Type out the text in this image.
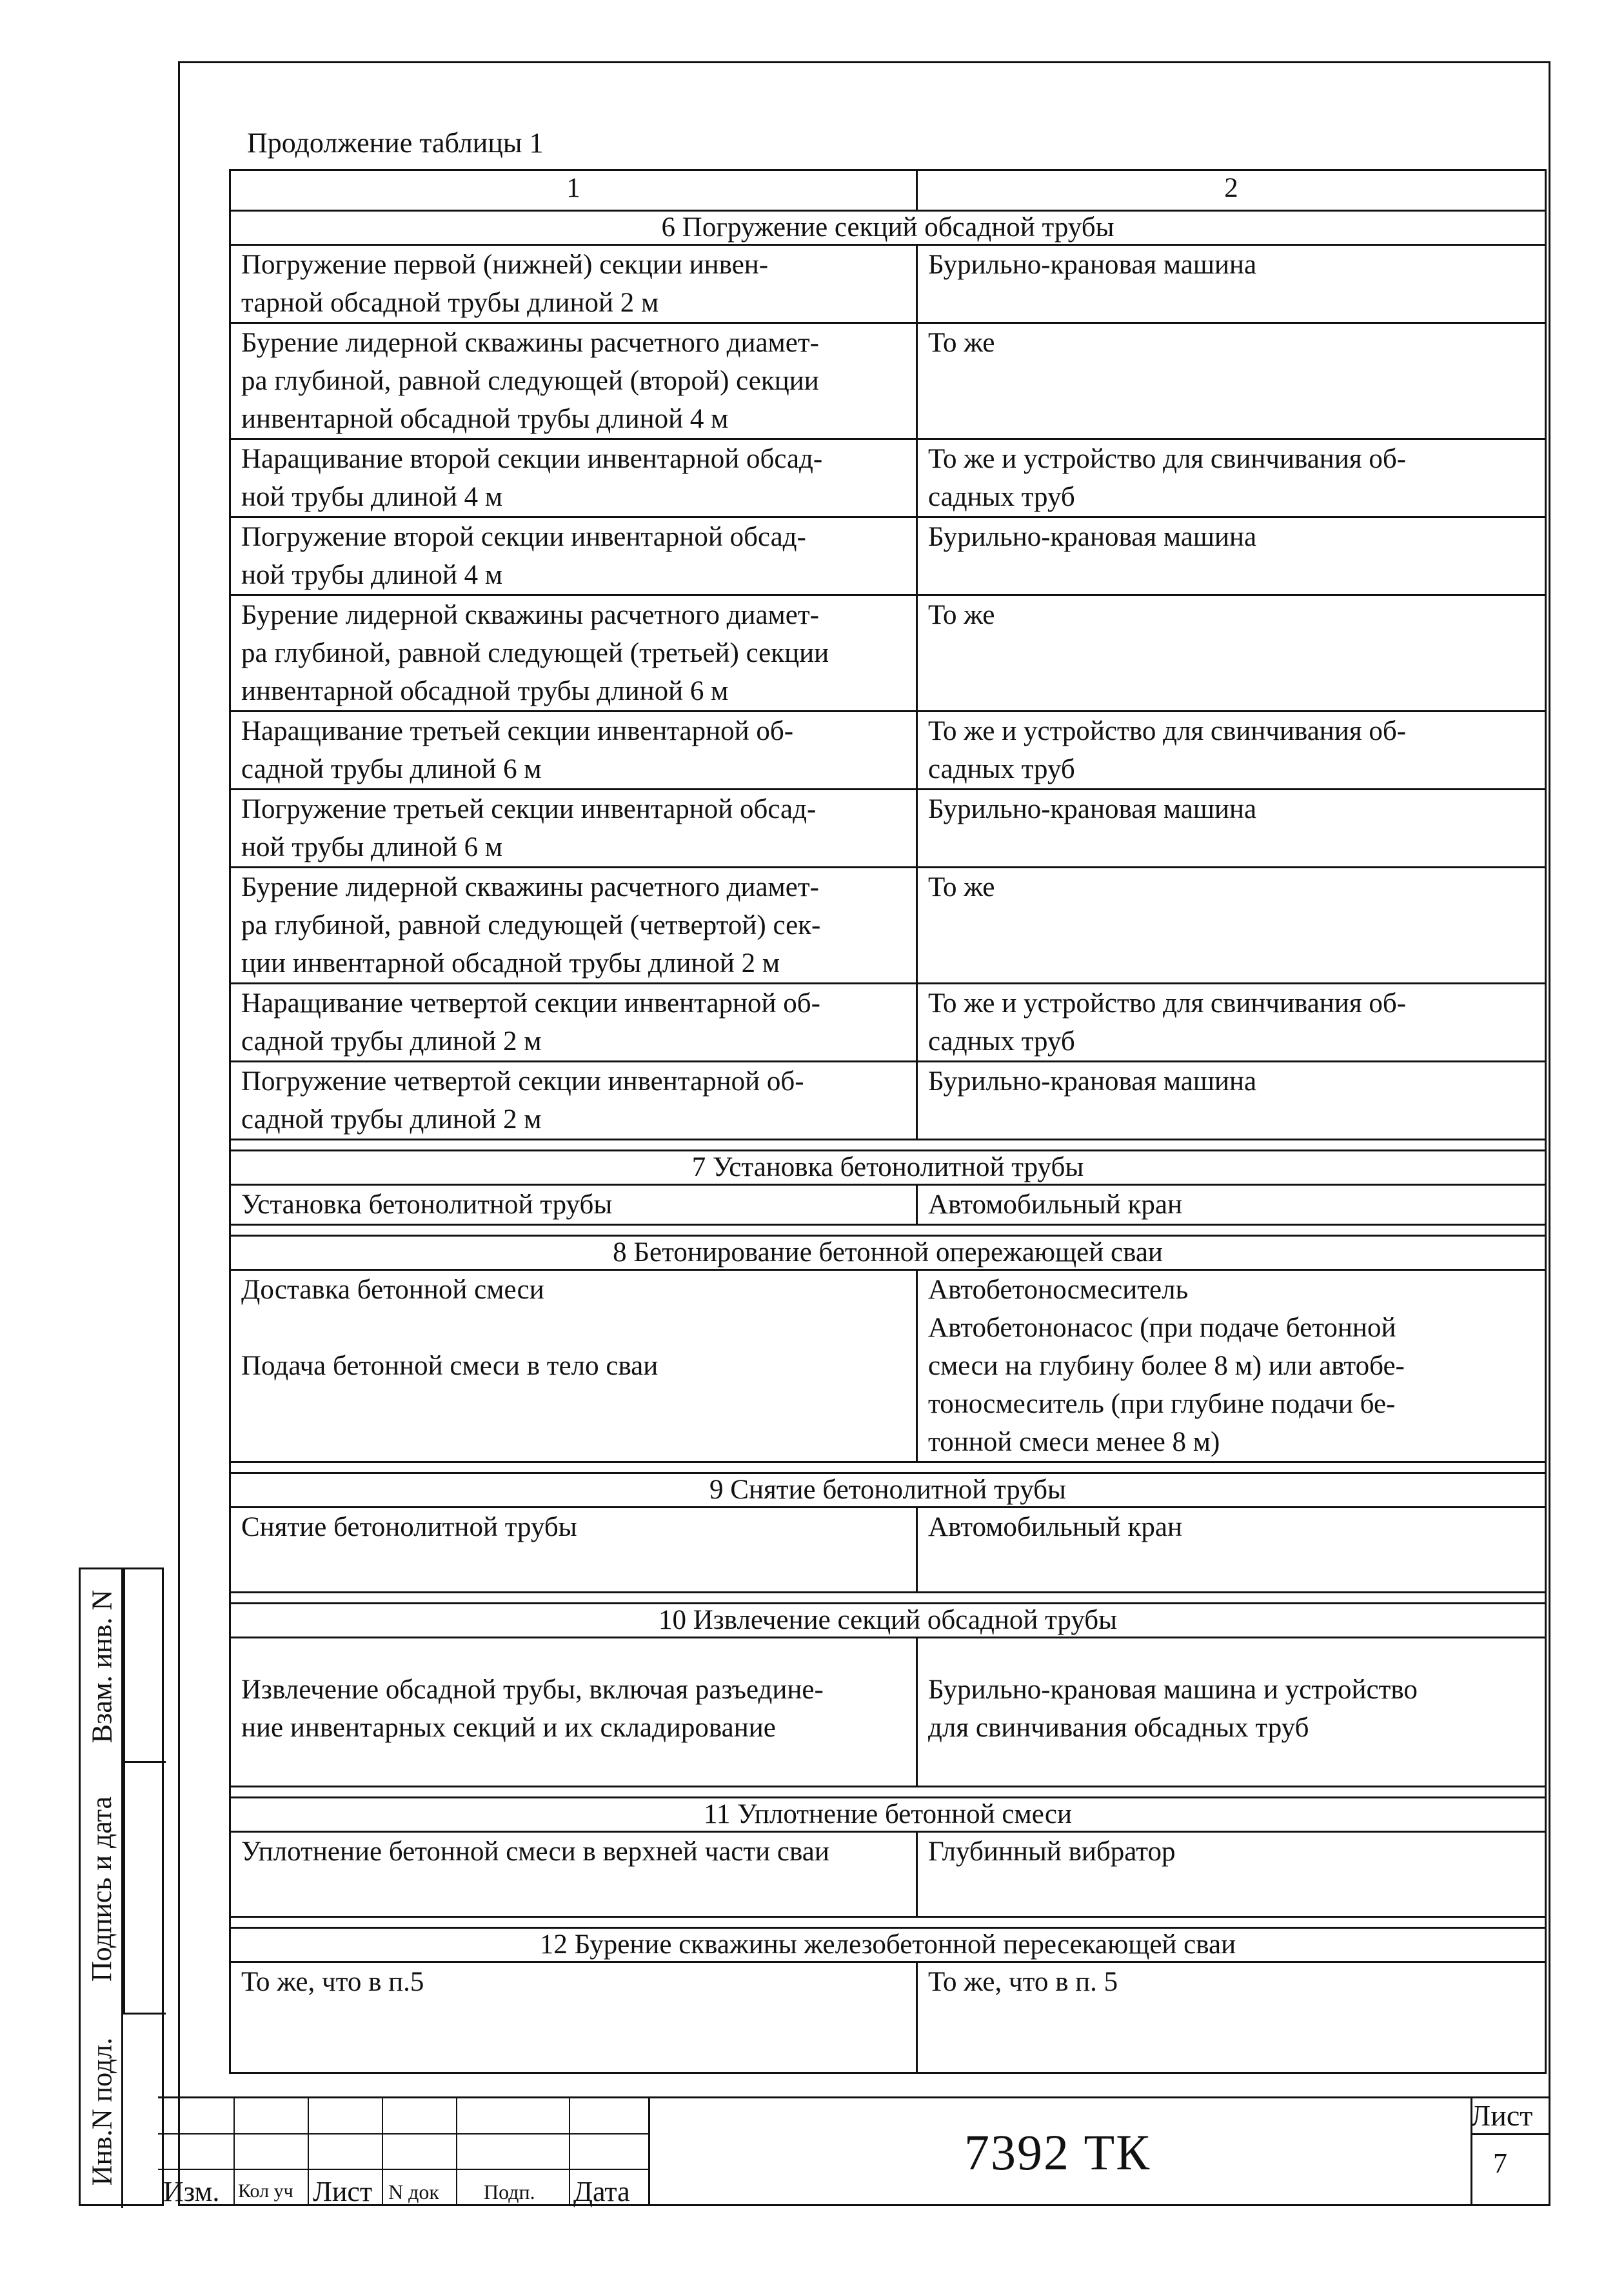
Продолжение таблицы 1
1	2
6 Погружение секций обсадной трубы	

Погружение первой (нижней) секции инвен-
тарной обсадной трубы длиной 2 м	Бурильно-крановая машина

Бурение лидерной скважины расчетного диамет-
ра глубиной, равной следующей (второй) секции
инвентарной обсадной трубы длиной 4 м	То же

Наращивание второй секции инвентарной обсад-
ной трубы длиной 4 м	То же и устройство для свинчивания об-
садных труб

Погружение второй секции инвентарной обсад-
ной трубы длиной 4 м	Бурильно-крановая машина

Бурение лидерной скважины расчетного диамет-
ра глубиной, равной следующей (третьей) секции
инвентарной обсадной трубы длиной 6 м	То же

Наращивание третьей секции инвентарной об-
садной трубы длиной 6 м	То же и устройство для свинчивания об-
садных труб

Погружение третьей секции инвентарной обсад-
ной трубы длиной 6 м	Бурильно-крановая машина

Бурение лидерной скважины расчетного диамет-
ра глубиной, равной следующей (четвертой) сек-
ции инвентарной обсадной трубы длиной 2 м	То же

Наращивание четвертой секции инвентарной об-
садной трубы длиной 2 м	То же и устройство для свинчивания об-
садных труб

Погружение четвертой секции инвентарной об-
садной трубы длиной 2 м	Бурильно-крановая машина

7 Установка бетонолитной трубы	

Установка бетонолитной трубы	Автомобильный кран

8 Бетонирование бетонной опережающей сваи	

Доставка бетонной смеси
Подача бетонной смеси в тело сваи	Автобетоносмеситель
Автобетононасос (при подаче бетонной
смеси на глубину более 8 м) или автобе-
тоносмеситель (при глубине подачи бе-
тонной смеси менее 8 м)

9 Снятие бетонолитной трубы	

Снятие бетонолитной трубы	Автомобильный кран

10 Извлечение секций обсадной трубы	

Извлечение обсадной трубы, включая разъедине-
ние инвентарных секций и их складирование	Бурильно-крановая машина и устройство
для свинчивания обсадных труб

11 Уплотнение бетонной смеси	

Уплотнение бетонной смеси в верхней части сваи	Глубинный вибратор

12 Бурение скважины железобетонной пересекающей сваи	

То же, что в п.5	То же, что в п. 5
Взам. инв. N
Подпись и дата
Инв.N подл.
Изм. Кол уч Лист N док Подп. Дата
7392 ТК
Лист
7
